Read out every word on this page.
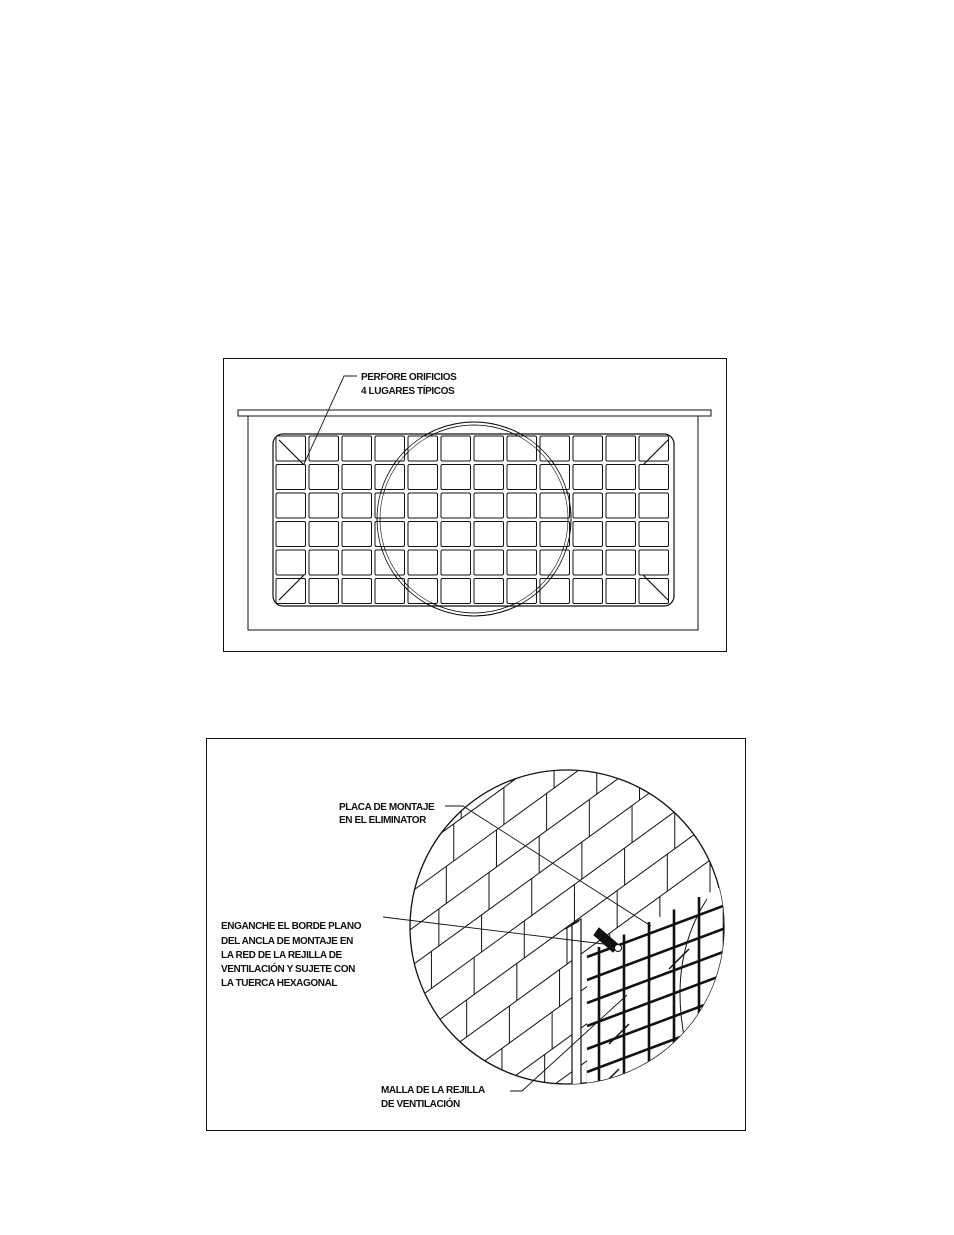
PERFORE ORIFICIOS 4 LUGARES TÍPICOS
PLACA DE MONTAJE EN EL ELIMINATOR
ENGANCHE EL BORDE PLANO DEL ANCLA DE MONTAJE EN LA RED DE LA REJILLA DE VENTILACIÓN Y SUJETE CON LA TUERCA HEXAGONAL
MALLA DE LA REJILLA DE VENTILACIÓN
